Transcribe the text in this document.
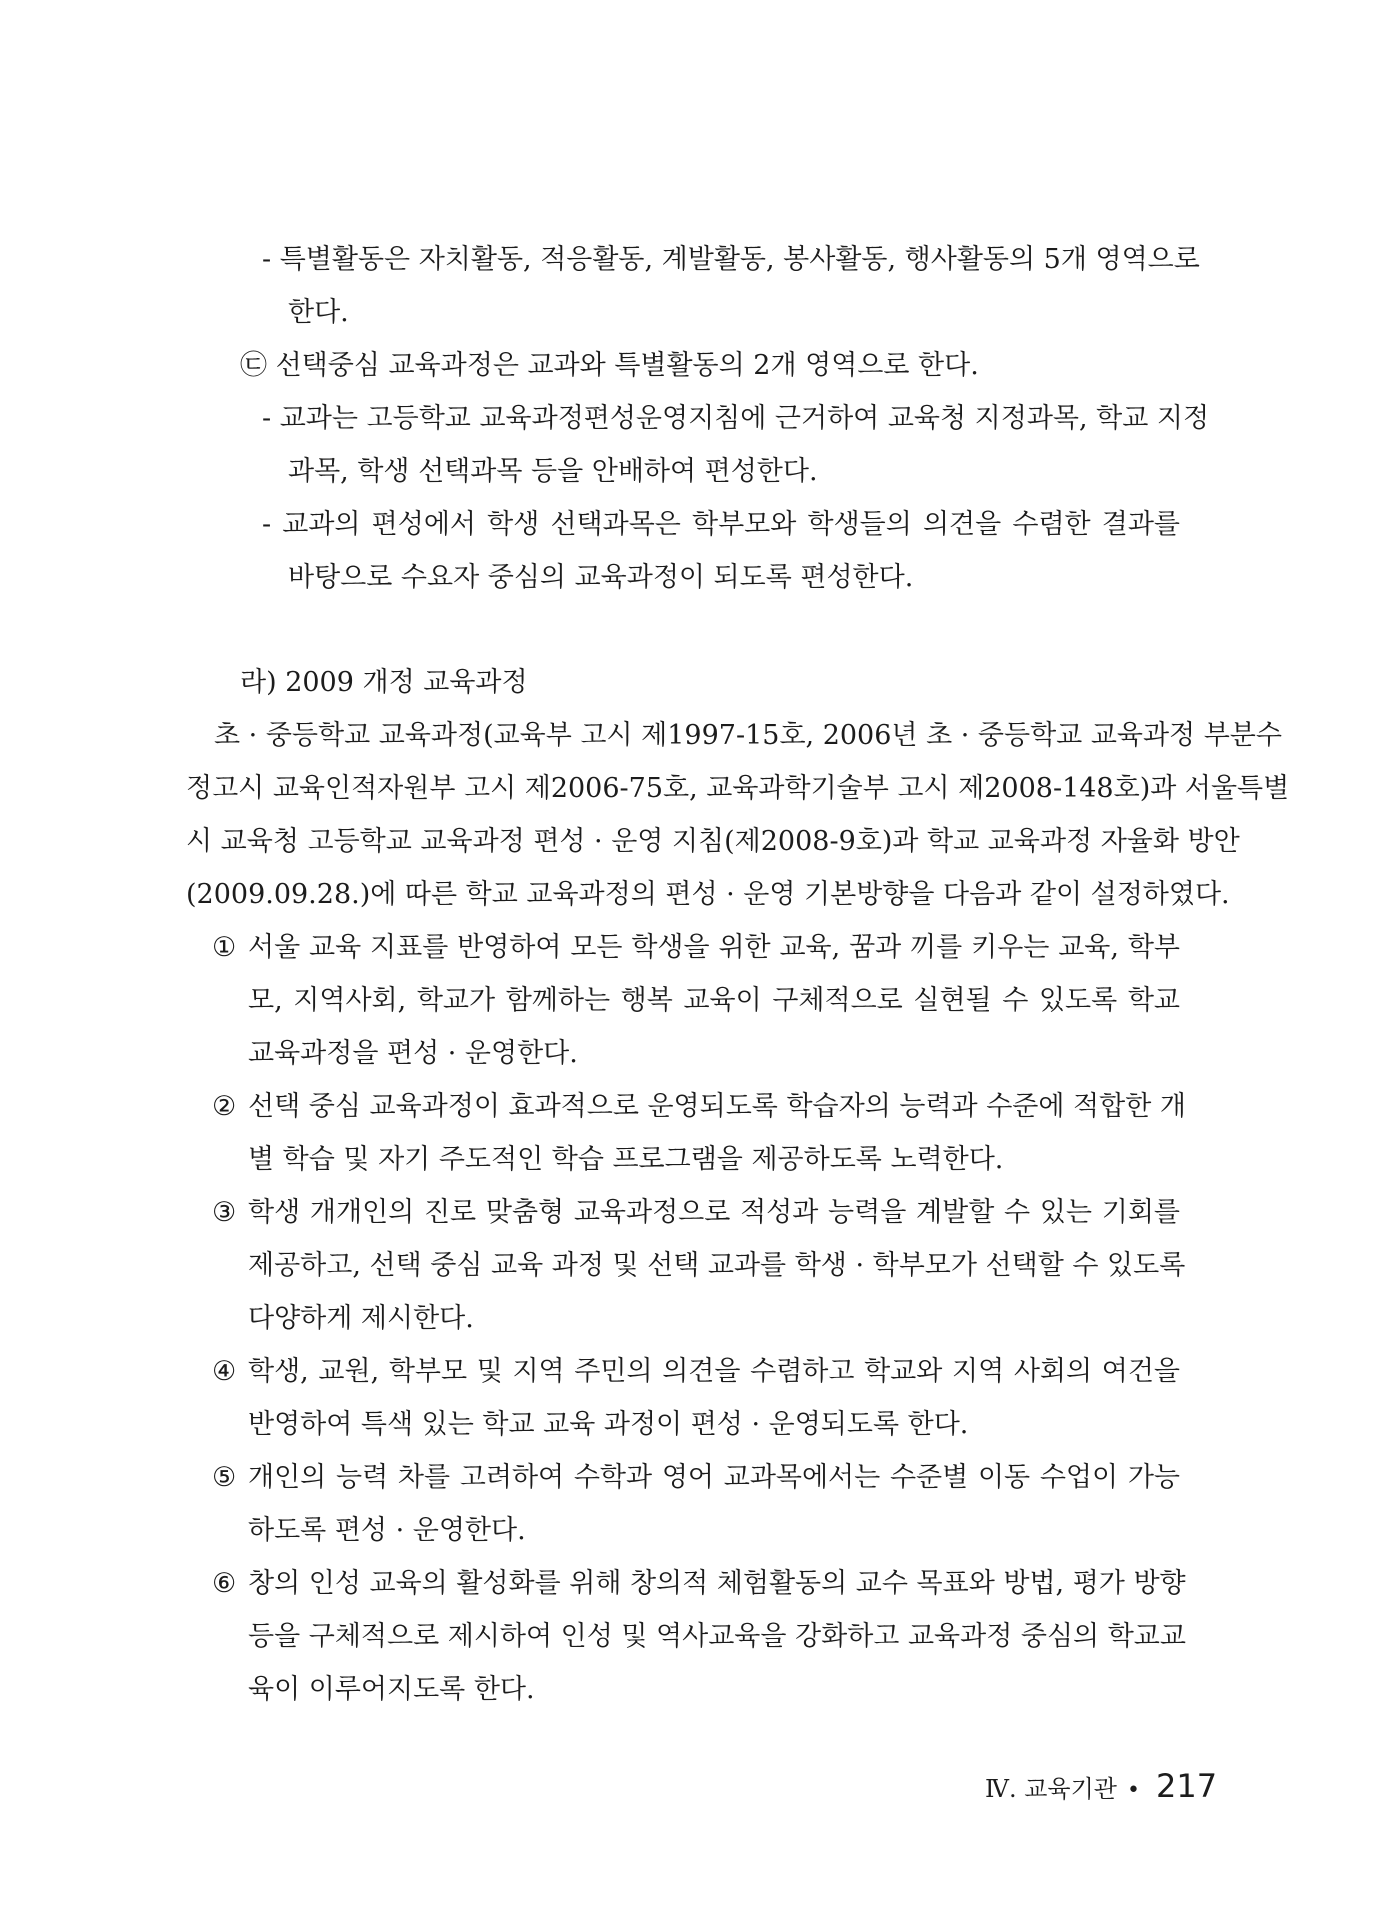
- 특별활동은 자치활동, 적응활동, 계발활동, 봉사활동, 행사활동의 5개 영역으로
한다.
㉢ 선택중심 교육과정은 교과와 특별활동의 2개 영역으로 한다.
- 교과는 고등학교 교육과정편성운영지침에 근거하여 교육청 지정과목, 학교 지정
과목, 학생 선택과목 등을 안배하여 편성한다.
- 교과의 편성에서 학생 선택과목은 학부모와 학생들의 의견을 수렴한 결과를
바탕으로 수요자 중심의 교육과정이 되도록 편성한다.
라) 2009 개정 교육과정
초 · 중등학교 교육과정(교육부 고시 제1997-15호, 2006년 초 · 중등학교 교육과정 부분수
정고시 교육인적자원부 고시 제2006-75호, 교육과학기술부 고시 제2008-148호)과 서울특별
시 교육청 고등학교 교육과정 편성 · 운영 지침(제2008-9호)과 학교 교육과정 자율화 방안
(2009.09.28.)에 따른 학교 교육과정의 편성 · 운영 기본방향을 다음과 같이 설정하였다.
① 서울 교육 지표를 반영하여 모든 학생을 위한 교육, 꿈과 끼를 키우는 교육, 학부
모, 지역사회, 학교가 함께하는 행복 교육이 구체적으로 실현될 수 있도록 학교
교육과정을 편성 · 운영한다.
② 선택 중심 교육과정이 효과적으로 운영되도록 학습자의 능력과 수준에 적합한 개
별 학습 및 자기 주도적인 학습 프로그램을 제공하도록 노력한다.
③ 학생 개개인의 진로 맞춤형 교육과정으로 적성과 능력을 계발할 수 있는 기회를
제공하고, 선택 중심 교육 과정 및 선택 교과를 학생 · 학부모가 선택할 수 있도록
다양하게 제시한다.
④ 학생, 교원, 학부모 및 지역 주민의 의견을 수렴하고 학교와 지역 사회의 여건을
반영하여 특색 있는 학교 교육 과정이 편성 · 운영되도록 한다.
⑤ 개인의 능력 차를 고려하여 수학과 영어 교과목에서는 수준별 이동 수업이 가능
하도록 편성 · 운영한다.
⑥ 창의 인성 교육의 활성화를 위해 창의적 체험활동의 교수 목표와 방법, 평가 방향
등을 구체적으로 제시하여 인성 및 역사교육을 강화하고 교육과정 중심의 학교교
육이 이루어지도록 한다.
Ⅳ. 교육기관 • 217
